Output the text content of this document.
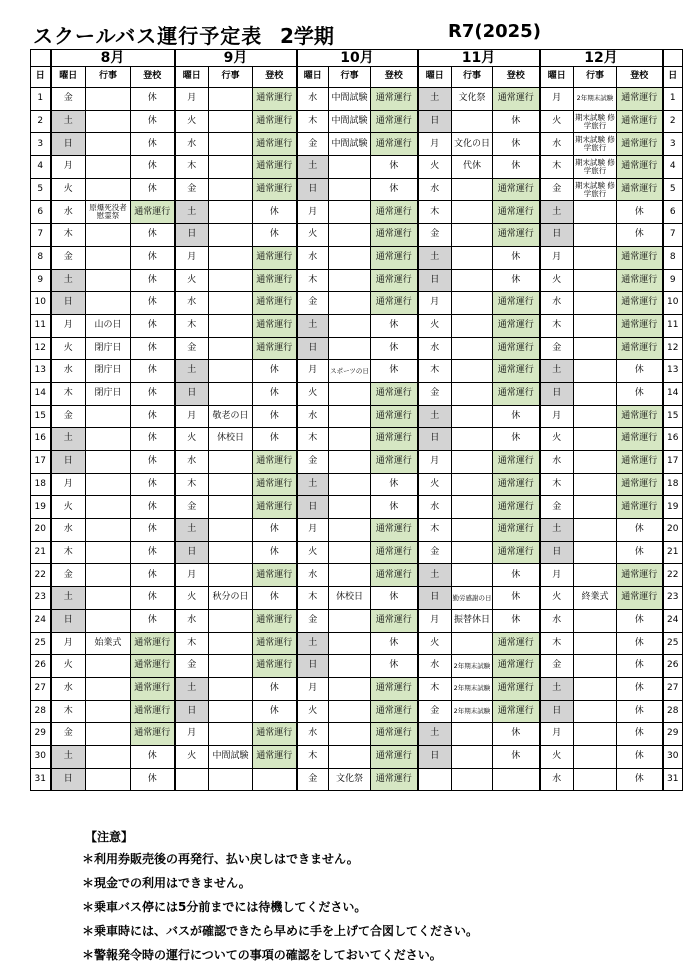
スクールバス運行予定表 2学期	R7(2025)
	8月			9月			10月			11月			12月			
日	曜日	行事	登校	曜日	行事	登校	曜日	行事	登校	曜日	行事	登校	曜日	行事	登校	日
1	金		休	月		通常運行	水	中間試験	通常運行	土	文化祭	通常運行	月	2年期末試験	通常運行	1
2	土		休	火		通常運行	木	中間試験	通常運行	日		休	火	期末試験 修学旅行	通常運行	2
3	日		休	水		通常運行	金	中間試験	通常運行	月	文化の日	休	水	期末試験 修学旅行	通常運行	3
4	月		休	木		通常運行	土		休	火	代休	休	木	期末試験 修学旅行	通常運行	4
5	火		休	金		通常運行	日		休	水		通常運行	金	期末試験 修学旅行	通常運行	5
6	水	原爆死没者慰霊祭	通常運行	土		休	月		通常運行	木		通常運行	土		休	6
7	木		休	日		休	火		通常運行	金		通常運行	日		休	7
8	金		休	月		通常運行	水		通常運行	土		休	月		通常運行	8
9	土		休	火		通常運行	木		通常運行	日		休	火		通常運行	9
10	日		休	水		通常運行	金		通常運行	月		通常運行	水		通常運行	10
11	月	山の日	休	木		通常運行	土		休	火		通常運行	木		通常運行	11
12	火	閉庁日	休	金		通常運行	日		休	水		通常運行	金		通常運行	12
13	水	閉庁日	休	土		休	月	スポーツの日	休	木		通常運行	土		休	13
14	木	閉庁日	休	日		休	火		通常運行	金		通常運行	日		休	14
15	金		休	月	敬老の日	休	水		通常運行	土		休	月		通常運行	15
16	土		休	火	休校日	休	木		通常運行	日		休	火		通常運行	16
17	日		休	水		通常運行	金		通常運行	月		通常運行	水		通常運行	17
18	月		休	木		通常運行	土		休	火		通常運行	木		通常運行	18
19	火		休	金		通常運行	日		休	水		通常運行	金		通常運行	19
20	水		休	土		休	月		通常運行	木		通常運行	土		休	20
21	木		休	日		休	火		通常運行	金		通常運行	日		休	21
22	金		休	月		通常運行	水		通常運行	土		休	月		通常運行	22
23	土		休	火	秋分の日	休	木	休校日	休	日	勤労感謝の日	休	火	終業式	通常運行	23
24	日		休	水		通常運行	金		通常運行	月	振替休日	休	水		休	24
25	月	始業式	通常運行	木		通常運行	土		休	火		通常運行	木		休	25
26	火		通常運行	金		通常運行	日		休	水	2年期末試験	通常運行	金		休	26
27	水		通常運行	土		休	月		通常運行	木	2年期末試験	通常運行	土		休	27
28	木		通常運行	日		休	火		通常運行	金	2年期末試験	通常運行	日		休	28
29	金		通常運行	月		通常運行	水		通常運行	土		休	月		休	29
30	土		休	火	中間試験	通常運行	木		通常運行	日		休	火		休	30
31	日		休				金	文化祭	通常運行				水		休	31
【注意】
＊利用券販売後の再発行、払い戻しはできません。
＊現金での利用はできません。
＊乗車バス停には5分前までには待機してください。
＊乗車時には、バスが確認できたら早めに手を上げて合図してください。
＊警報発令時の運行についての事項の確認をしておいてください。
